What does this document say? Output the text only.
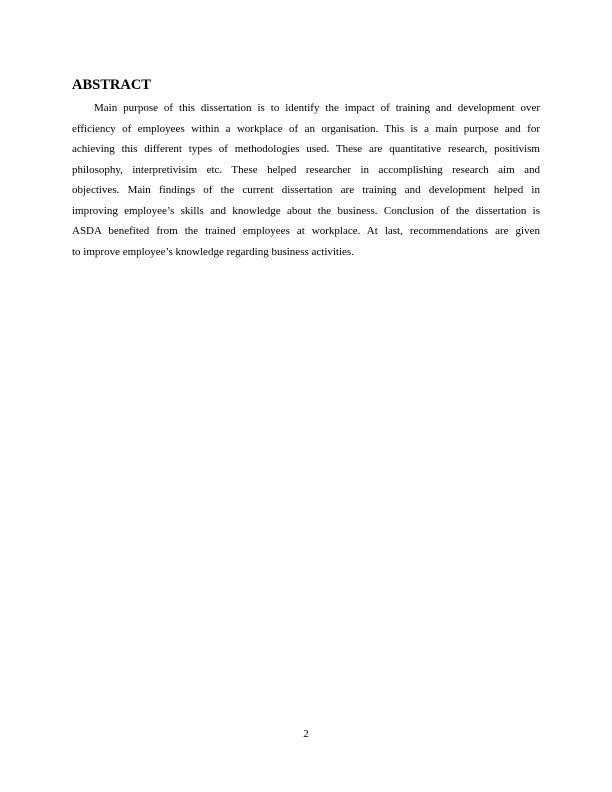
ABSTRACT
Main purpose of this dissertation is to identify the impact of training and development over
efficiency of employees within a workplace of an organisation. This is a main purpose and for
achieving this different types of methodologies used. These are quantitative research, positivism
philosophy, interpretivisim etc. These helped researcher in accomplishing research aim and
objectives. Main findings of the current dissertation are training and development helped in
improving employee’s skills and knowledge about the business. Conclusion of the dissertation is
ASDA benefited from the trained employees at workplace. At last, recommendations are given
to improve employee’s knowledge regarding business activities.
2
